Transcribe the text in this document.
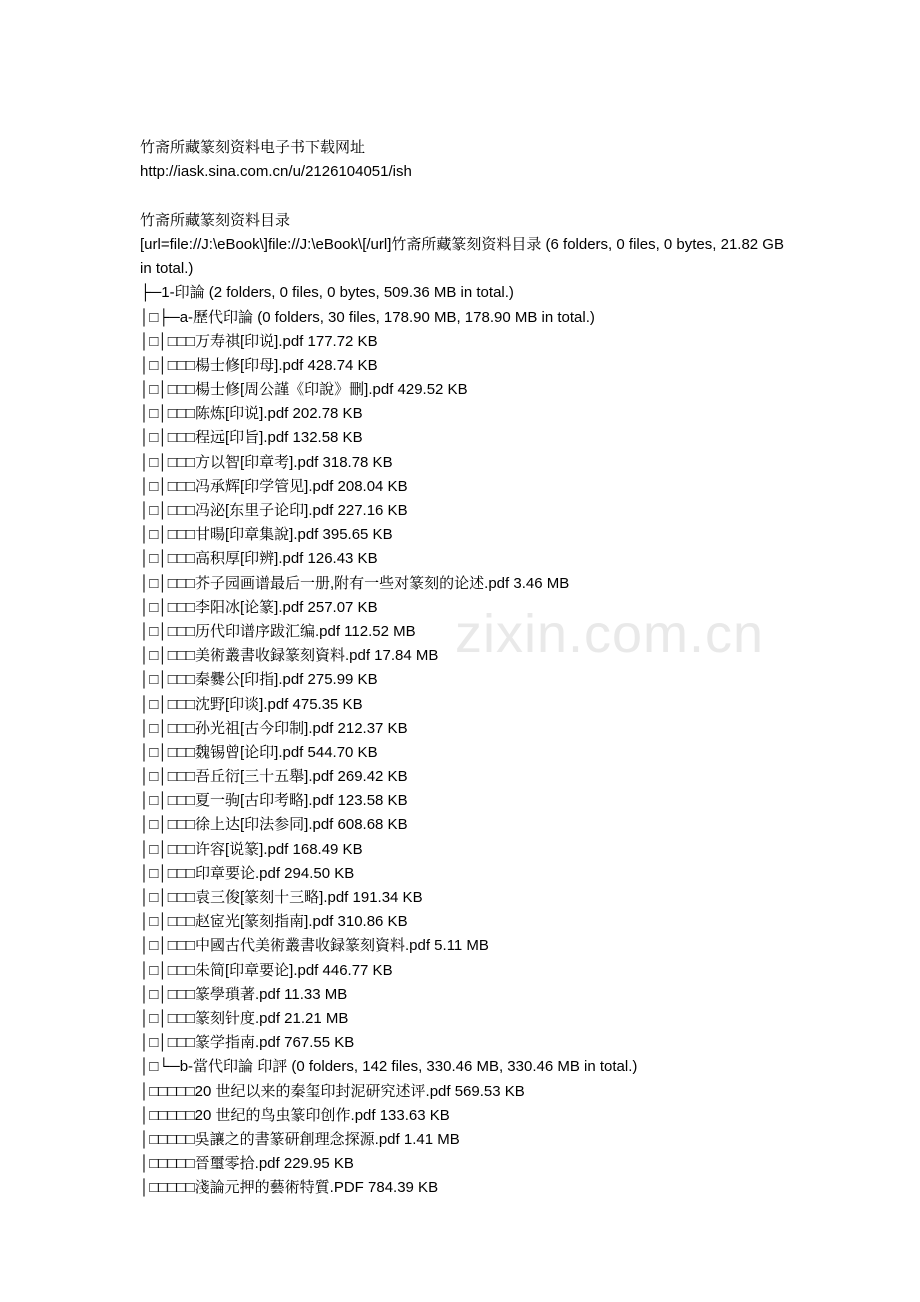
zixin.com.cn
竹斋所藏篆刻资料电子书下载网址
http://iask.sina.com.cn/u/2126104051/ish
竹斋所藏篆刻资料目录
[url=file://J:\eBook\]file://J:\eBook\[/url]竹斋所藏篆刻资料目录 (6 folders, 0 files, 0 bytes, 21.82 GB in total.)
├─1-印論 (2 folders, 0 files, 0 bytes, 509.36 MB in total.)
│□├─a-歷代印論 (0 folders, 30 files, 178.90 MB, 178.90 MB in total.)
│□│□□□万寿祺[印说].pdf 177.72 KB
│□│□□□楊士修[印母].pdf 428.74 KB
│□│□□□楊士修[周公謹《印說》刪].pdf 429.52 KB
│□│□□□陈炼[印说].pdf 202.78 KB
│□│□□□程远[印旨].pdf 132.58 KB
│□│□□□方以智[印章考].pdf 318.78 KB
│□│□□□冯承辉[印学管见].pdf 208.04 KB
│□│□□□冯泌[东里子论印].pdf 227.16 KB
│□│□□□甘暘[印章集說].pdf 395.65 KB
│□│□□□高积厚[印辨].pdf 126.43 KB
│□│□□□芥子园画谱最后一册,附有一些对篆刻的论述.pdf 3.46 MB
│□│□□□李阳冰[论篆].pdf 257.07 KB
│□│□□□历代印谱序跋汇编.pdf 112.52 MB
│□│□□□美術叢書收録篆刻資料.pdf 17.84 MB
│□│□□□秦爨公[印指].pdf 275.99 KB
│□│□□□沈野[印谈].pdf 475.35 KB
│□│□□□孙光祖[古今印制].pdf 212.37 KB
│□│□□□魏锡曾[论印].pdf 544.70 KB
│□│□□□吾丘衍[三十五舉].pdf 269.42 KB
│□│□□□夏一驹[古印考略].pdf 123.58 KB
│□│□□□徐上达[印法参同].pdf 608.68 KB
│□│□□□许容[说篆].pdf 168.49 KB
│□│□□□印章要论.pdf 294.50 KB
│□│□□□袁三俊[篆刻十三略].pdf 191.34 KB
│□│□□□赵宧光[篆刻指南].pdf 310.86 KB
│□│□□□中國古代美術叢書收録篆刻資料.pdf 5.11 MB
│□│□□□朱简[印章要论].pdf 446.77 KB
│□│□□□篆學瑣著.pdf 11.33 MB
│□│□□□篆刻针度.pdf 21.21 MB
│□│□□□篆学指南.pdf 767.55 KB
│□└─b-當代印論 印評 (0 folders, 142 files, 330.46 MB, 330.46 MB in total.)
│□□□□□20 世纪以来的秦玺印封泥研究述评.pdf 569.53 KB
│□□□□□20 世纪的鸟虫篆印创作.pdf 133.63 KB
│□□□□□吳讓之的書篆研創理念探源.pdf 1.41 MB
│□□□□□晉璽零拾.pdf 229.95 KB
│□□□□□淺論元押的藝術特質.PDF 784.39 KB
